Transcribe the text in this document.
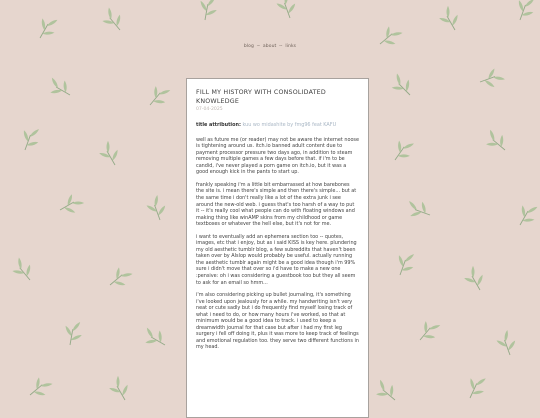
blog ~ about ~ links
FILL MY HISTORY WITH CONSOLIDATED KNOWLEDGE
07-04-2025
title attribution: kuu wo midashite by fmg96 feat KAFU

well as future me (or reader) may not be aware the internet noose is tightening around us. itch.io banned adult content due to payment processor pressure two days ago, in addition to steam removing multiple games a few days before that. if i'm to be candid, i've never played a porn game on itch.io, but it was a good enough kick in the pants to start up.

frankly speaking i'm a little bit embarrassed at how barebones the site is. i mean there's simple and then there's simple... but at the same time i don't really like a lot of the extra junk i see around the new-old web. i guess that's too harsh of a way to put it -- it's really cool what people can do with floating windows and making thing like winAMP skins from my childhood or game textboxes or whatever the hell else, but it's not for me.

i want to eventually add an ephemera section too -- quotes, images, etc that i enjoy, but as i said KISS is key here. plundering my old aesthetic tumblr blog, a few subreddits that haven't been taken over by AIslop would probably be useful. actually running the aesthetic tumblr again might be a good idea though i'm 99% sure i didn't move that over so i'd have to make a new one :pensive: oh i was considering a guestbook too but they all seem to ask for an email so hmm...

i'm also considering picking up bullet journaling, it's something i've looked upon jealously for a while. my handwriting isn't very neat or cute sadly but i do frequently find myself losing track of what i need to do, or how many hours i've worked, so that at minimum would be a good idea to track. i used to keep a dreamwidth journal for that case but after i had my first leg surgery i fell off doing it, plus it was more to keep track of feelings and emotional regulation too. they serve two different functions in my head.
